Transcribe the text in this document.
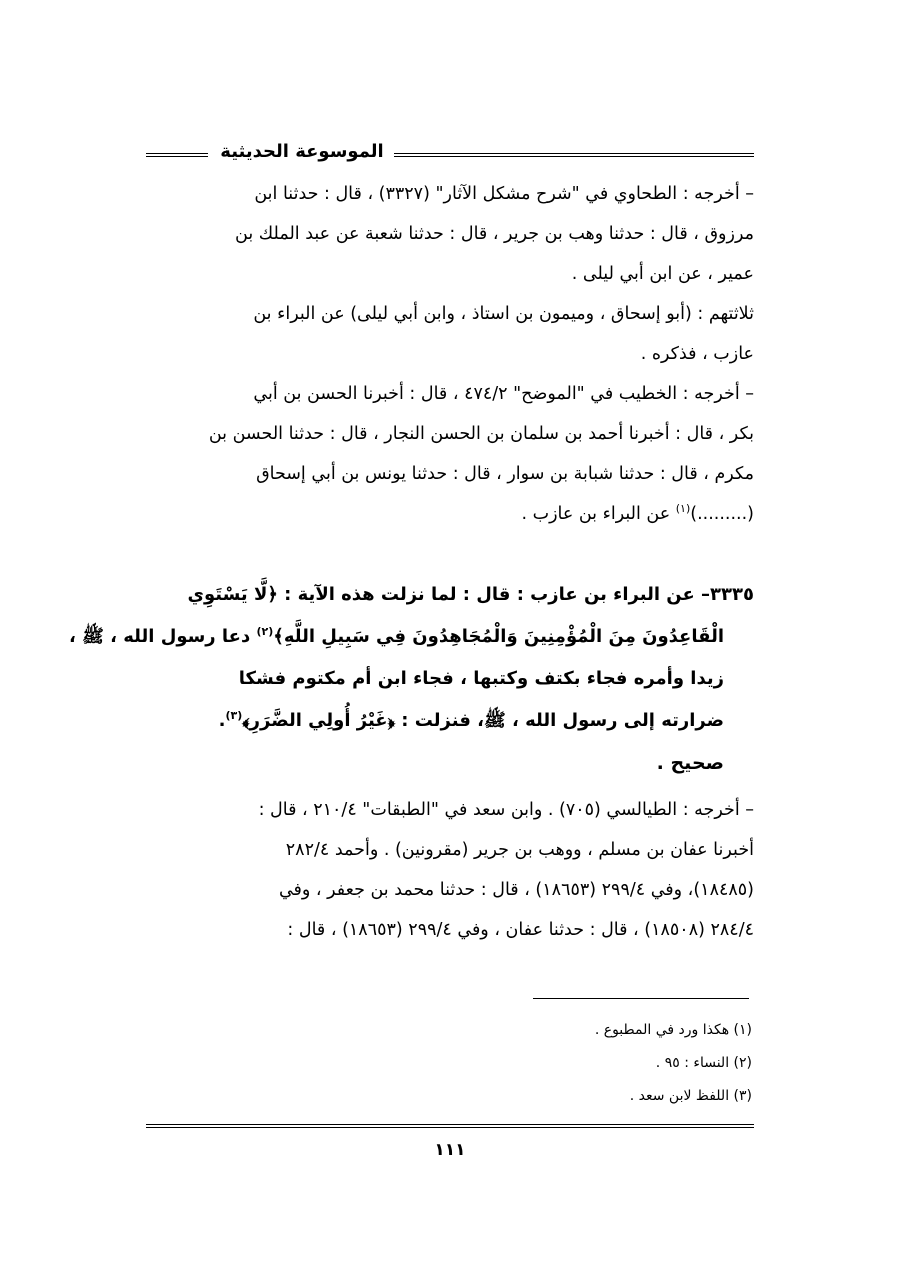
الموسوعة الحديثية
– أخرجه : الطحاوي في "شرح مشكل الآثار" (٣٣٢٧) ، قال : حدثنا ابن
مرزوق ، قال : حدثنا وهب بن جرير ، قال : حدثنا شعبة عن عبد الملك بن
عمير ، عن ابن أبي ليلى .
ثلاثتهم : (أبو إسحاق ، وميمون بن استاذ ، وابن أبي ليلى) عن البراء بن
عازب ، فذكره .
– أخرجه : الخطيب في "الموضح" ٤٧٤/٢ ، قال : أخبرنا الحسن بن أبي
بكر ، قال : أخبرنا أحمد بن سلمان بن الحسن النجار ، قال : حدثنا الحسن بن
مكرم ، قال : حدثنا شبابة بن سوار ، قال : حدثنا يونس بن أبي إسحاق
(.........)$^{(١)}$ عن البراء بن عازب .
٣٣٣٥– عن البراء بن عازب : قال : لما نزلت هذه الآية : ﴿لَّا يَسْتَوِي
الْقَاعِدُونَ مِنَ الْمُؤْمِنِينَ وَالْمُجَاهِدُونَ فِي سَبِيلِ اللَّهِ﴾$^{(٢)}$ دعا رسول الله ، ﷺ ،
زيدا وأمره فجاء بكتف وكتبها ، فجاء ابن أم مكتوم فشكا
ضرارته إلى رسول الله ، ﷺ، فنزلت : ﴿غَيْرُ أُولِي الضَّرَرِ﴾$^{(٣)}$.
صحيح .
– أخرجه : الطيالسي (٧٠٥) . وابن سعد في "الطبقات" ٢١٠/٤ ، قال :
أخبرنا عفان بن مسلم ، ووهب بن جرير (مقرونين) . وأحمد ٢٨٢/٤
(١٨٤٨٥)، وفي ٢٩٩/٤ (١٨٦٥٣) ، قال : حدثنا محمد بن جعفر ، وفي
٢٨٤/٤ (١٨٥٠٨) ، قال : حدثنا عفان ، وفي ٢٩٩/٤ (١٨٦٥٣) ، قال :
(١) هكذا ورد في المطبوع .
(٢) النساء : ٩٥ .
(٣) اللفظ لابن سعد .
١١١
